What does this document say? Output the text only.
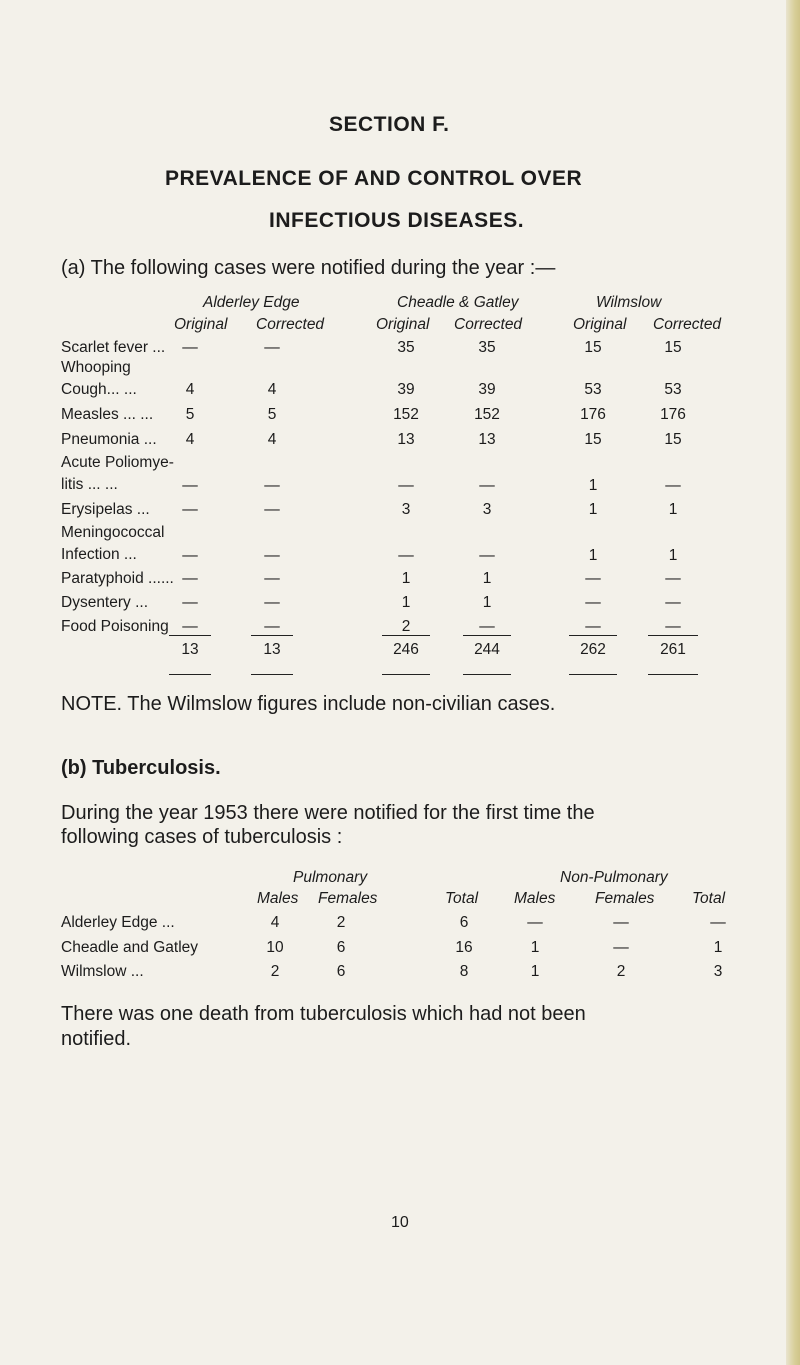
SECTION F.
PREVALENCE OF AND CONTROL OVER
INFECTIOUS DISEASES.
(a) The following cases were notified during the year :—
Alderley Edge	Cheadle & Gatley	Wilmslow
Original Corrected	Original Corrected	Original Corrected
Scarlet fever ...	—	—	35	35	15	15
Whooping
Cough... ...	4	4	39	39	53	53
Measles ... ...	5	5	152	152	176	176
Pneumonia ...	4	4	13	13	15	15
Acute Poliomye-
litis ... ...	—	—	—	—	1	—
Erysipelas ...	—	—	3	3	1	1
Meningococcal
Infection ...	—	—	—	—	1	1
Paratyphoid ...... —	—	1	1	—	—
Dysentery ...	—	—	1	1	—	—
Food Poisoning —	—	2	—	—	—
13	13	246	244	262	261
NOTE. The Wilmslow figures include non-civilian cases.
(b) Tuberculosis.
During the year 1953 there were notified for the first time the
following cases of tuberculosis :
Pulmonary	Non-Pulmonary
Males Females	Total Males	Females Total
Alderley Edge ...	4	2	6	—	—	—
Cheadle and Gatley	10	6	16	1	—	1
Wilmslow ...	2	6	8	1	2	3
There was one death from tuberculosis which had not been
notified.
10
